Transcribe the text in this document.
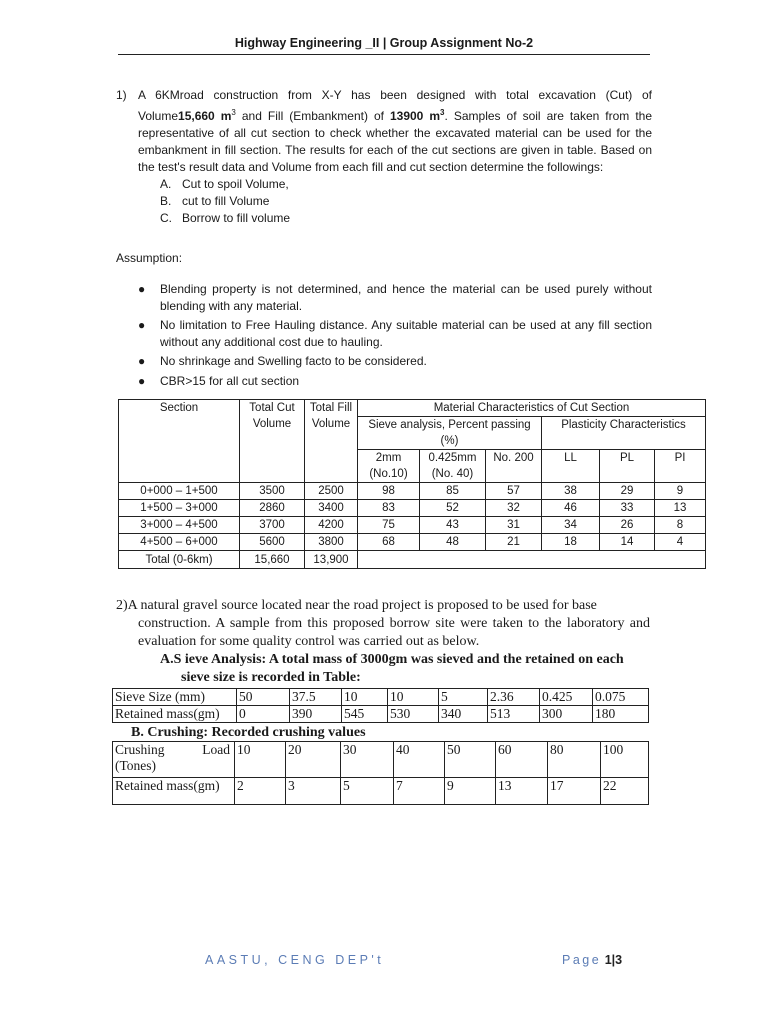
Highway Engineering _II | Group Assignment No-2
1) A 6KMroad construction from X-Y has been designed with total excavation (Cut) of Volume15,660 $m^3$ and Fill (Embankment) of 13900 $m^3$. Samples of soil are taken from the representative of all cut section to check whether the excavated material can be used for the embankment in fill section. The results for each of the cut sections are given in table. Based on the test's result data and Volume from each fill and cut section determine the followings:
A. Cut to spoil Volume,
B. cut to fill Volume
C. Borrow to fill volume
Assumption:
● Blending property is not determined, and hence the material can be used purely without blending with any material.
● No limitation to Free Hauling distance. Any suitable material can be used at any fill section without any additional cost due to hauling.
● No shrinkage and Swelling facto to be considered.
● CBR>15 for all cut section
Section	Total Cut Volume	Total Fill Volume	Material Characteristics of Cut Section					
			Sieve analysis, Percent passing (%)			Plasticity Characteristics		
			2mm (No.10)	0.425mm (No. 40)	No. 200	LL	PL	PI
0+000 – 1+500	3500	2500	98	85	57	38	29	9
1+500 – 3+000	2860	3400	83	52	32	46	33	13
3+000 – 4+500	3700	4200	75	43	31	34	26	8
4+500 – 6+000	5600	3800	68	48	21	18	14	4
Total (0-6km)	15,660	13,900						
2)A natural gravel source located near the road project is proposed to be used for base
construction. A sample from this proposed borrow site were taken to the laboratory and evaluation for some quality control was carried out as below.
A.S ieve Analysis: A total mass of 3000gm was sieved and the retained on each
sieve size is recorded in Table:
Sieve Size (mm)	50	37.5	10	10	5	2.36	0.425	0.075
Retained mass(gm)	0	390	545	530	340	513	300	180
B. Crushing: Recorded crushing values
Crushing Load
(Tones)	10	20	30	40	50	60	80	100
Retained mass(gm)	2	3	5	7	9	13	17	22
AASTU, CENG DEP't	Page 1|3
